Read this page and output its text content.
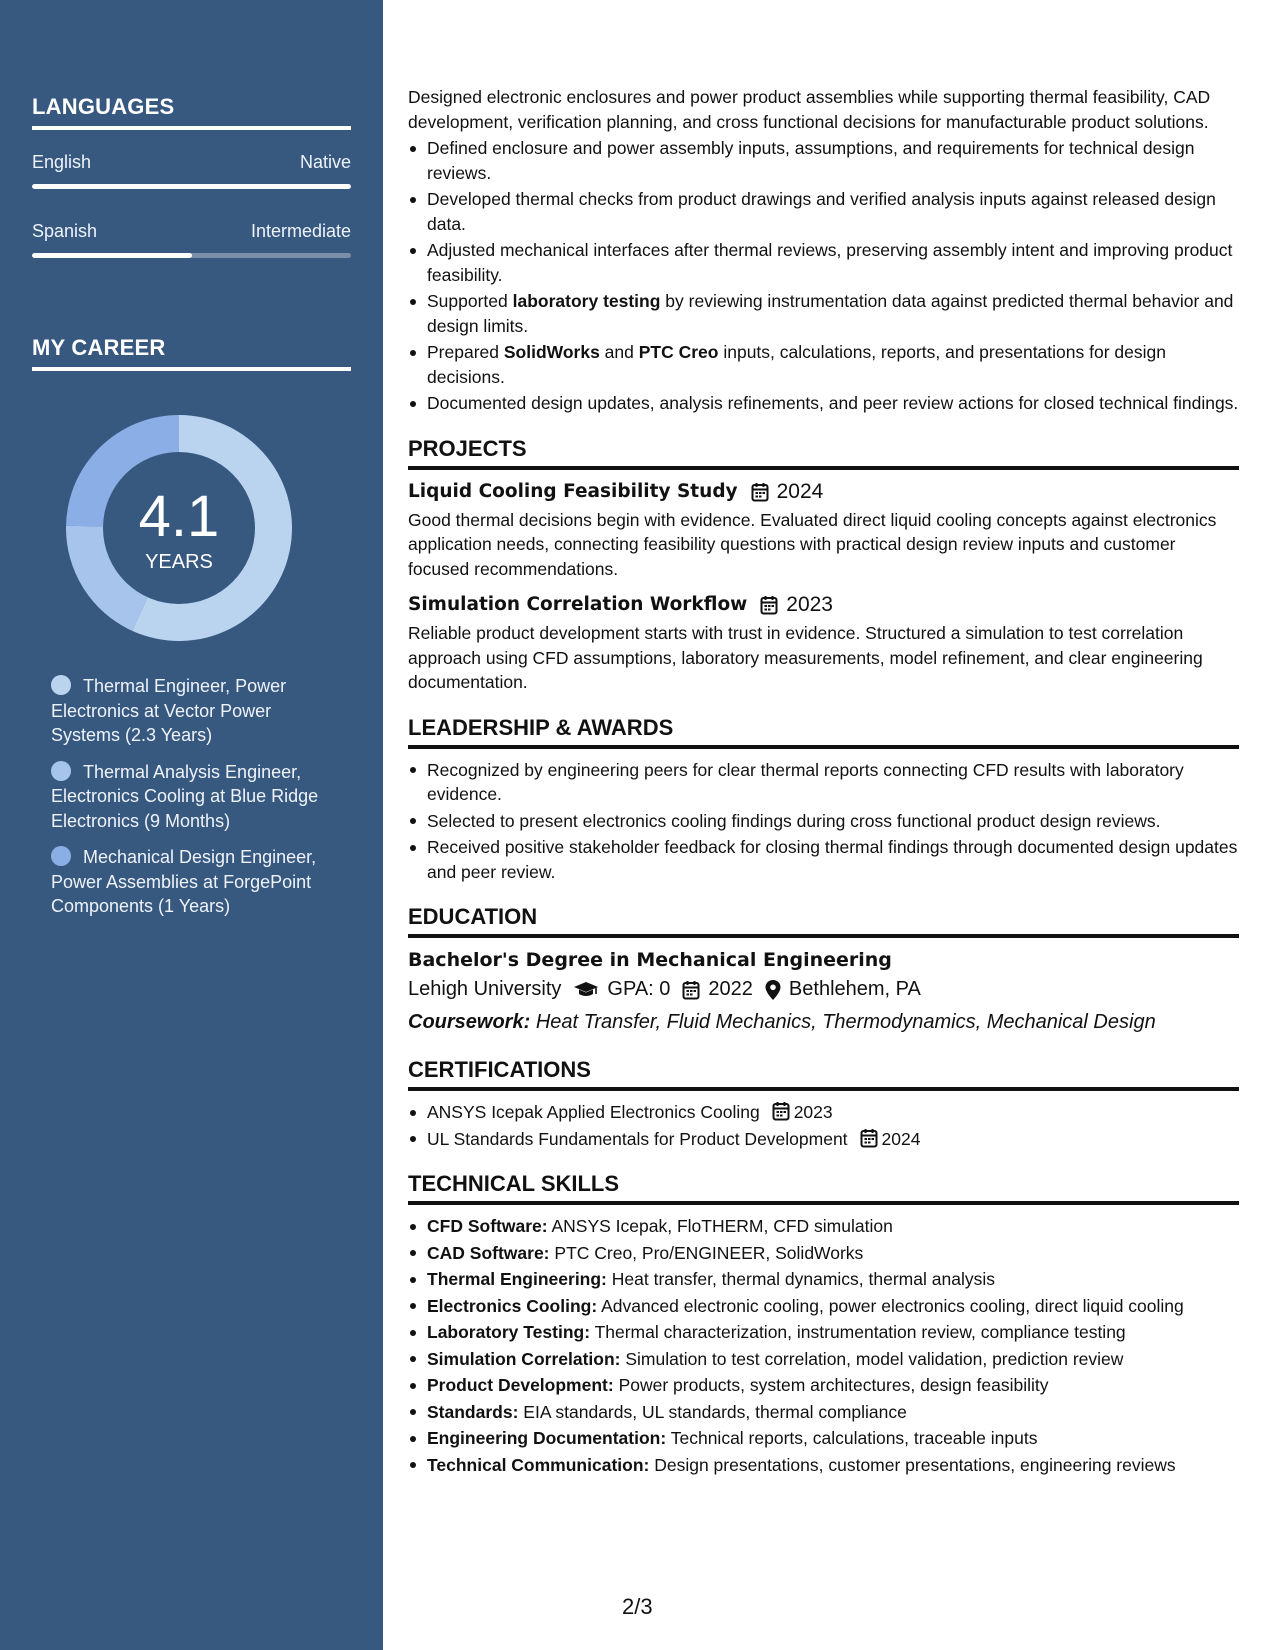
LANGUAGES
English	Native
Spanish	Intermediate
MY CAREER
4.1
YEARS
Thermal Engineer, Power Electronics at Vector Power Systems (2.3 Years)
Thermal Analysis Engineer, Electronics Cooling at Blue Ridge Electronics (9 Months)
Mechanical Design Engineer, Power Assemblies at ForgePoint Components (1 Years)
Designed electronic enclosures and power product assemblies while supporting thermal feasibility, CAD development, verification planning, and cross functional decisions for manufacturable product solutions.
Defined enclosure and power assembly inputs, assumptions, and requirements for technical design reviews.
Developed thermal checks from product drawings and verified analysis inputs against released design data.
Adjusted mechanical interfaces after thermal reviews, preserving assembly intent and improving product feasibility.
Supported laboratory testing by reviewing instrumentation data against predicted thermal behavior and design limits.
Prepared SolidWorks and PTC Creo inputs, calculations, reports, and presentations for design decisions.
Documented design updates, analysis refinements, and peer review actions for closed technical findings.
PROJECTS
Liquid Cooling Feasibility Study 2024
Good thermal decisions begin with evidence. Evaluated direct liquid cooling concepts against electronics application needs, connecting feasibility questions with practical design review inputs and customer focused recommendations.
Simulation Correlation Workflow 2023
Reliable product development starts with trust in evidence. Structured a simulation to test correlation approach using CFD assumptions, laboratory measurements, model refinement, and clear engineering documentation.
LEADERSHIP & AWARDS
Recognized by engineering peers for clear thermal reports connecting CFD results with laboratory evidence.
Selected to present electronics cooling findings during cross functional product design reviews.
Received positive stakeholder feedback for closing thermal findings through documented design updates and peer review.
EDUCATION
Bachelor's Degree in Mechanical Engineering
Lehigh University GPA: 0 2022 Bethlehem, PA
Coursework: Heat Transfer, Fluid Mechanics, Thermodynamics, Mechanical Design
CERTIFICATIONS
ANSYS Icepak Applied Electronics Cooling 2023
UL Standards Fundamentals for Product Development 2024
TECHNICAL SKILLS
CFD Software: ANSYS Icepak, FloTHERM, CFD simulation
CAD Software: PTC Creo, Pro/ENGINEER, SolidWorks
Thermal Engineering: Heat transfer, thermal dynamics, thermal analysis
Electronics Cooling: Advanced electronic cooling, power electronics cooling, direct liquid cooling
Laboratory Testing: Thermal characterization, instrumentation review, compliance testing
Simulation Correlation: Simulation to test correlation, model validation, prediction review
Product Development: Power products, system architectures, design feasibility
Standards: EIA standards, UL standards, thermal compliance
Engineering Documentation: Technical reports, calculations, traceable inputs
Technical Communication: Design presentations, customer presentations, engineering reviews
2/3
